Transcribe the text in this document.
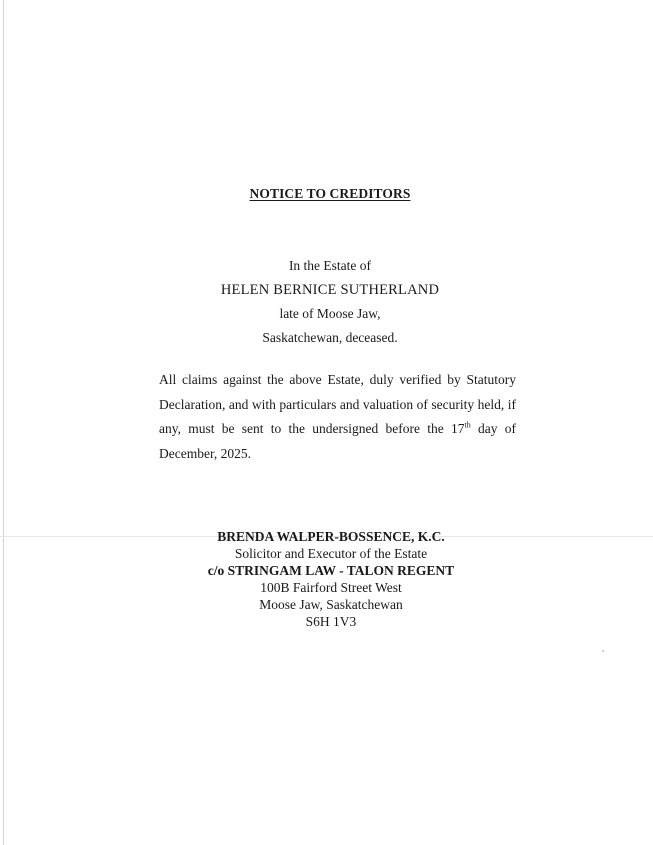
NOTICE TO CREDITORS
In the Estate of
HELEN BERNICE SUTHERLAND
late of Moose Jaw,
Saskatchewan, deceased.

All claims against the above Estate, duly verified by Statutory Declaration, and with particulars and valuation of security held, if any, must be sent to the undersigned before the 17th day of December, 2025.

BRENDA WALPER-BOSSENCE, K.C.
Solicitor and Executor of the Estate
c/o STRINGAM LAW - TALON REGENT
100B Fairford Street West
Moose Jaw, Saskatchewan
S6H 1V3
